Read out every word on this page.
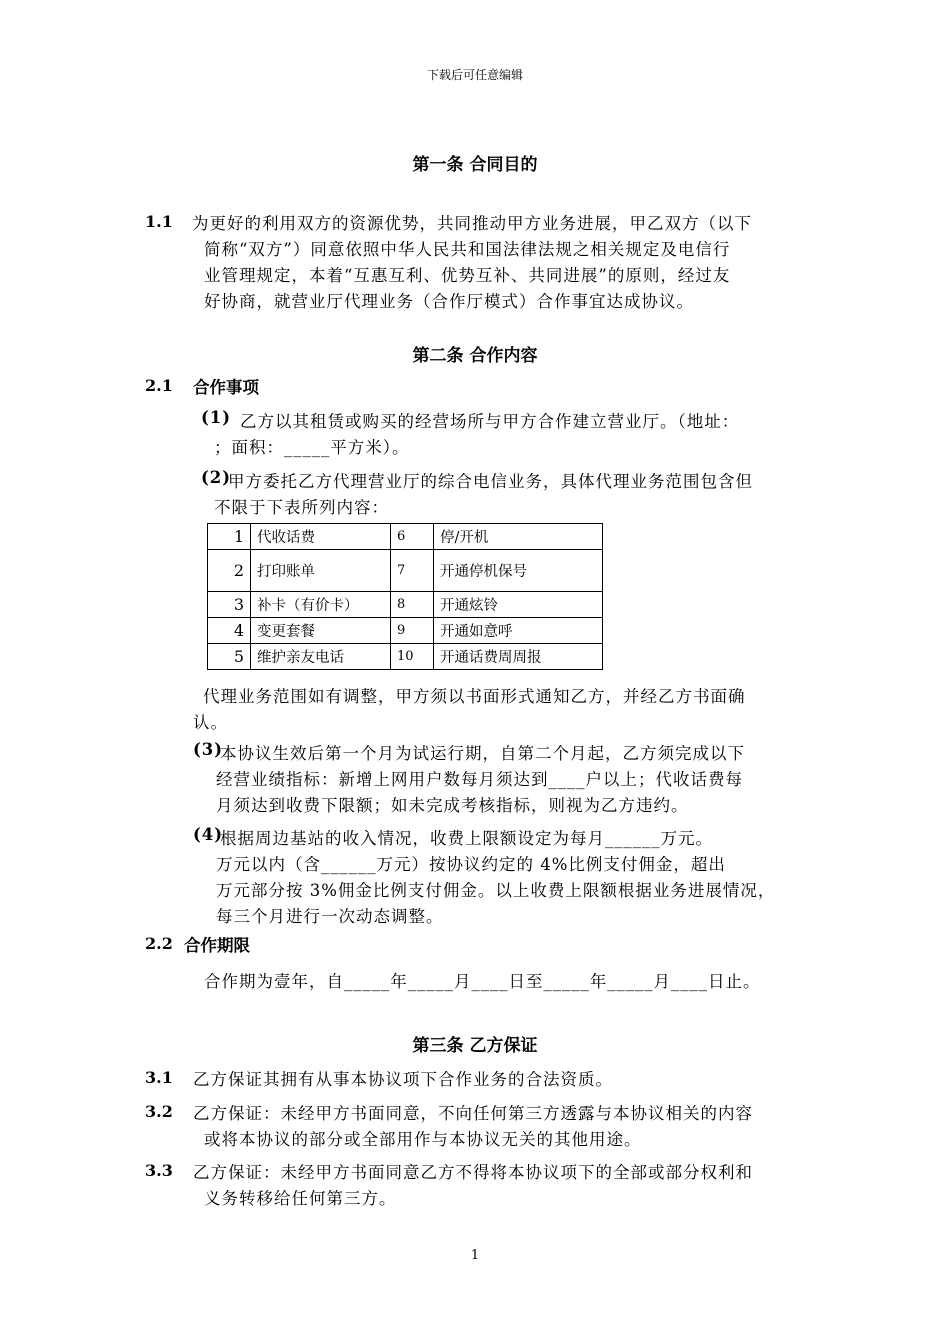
下载后可任意编辑
第一条 合同目的
1.1 为更好的利用双方的资源优势，共同推动甲方业务进展，甲乙双方（以下
简称“双方”）同意依照中华人民共和国法律法规之相关规定及电信行
业管理规定，本着“互惠互利、优势互补、共同进展”的原则，经过友
好协商，就营业厅代理业务（合作厅模式）合作事宜达成协议。
第二条 合作内容
2.1 合作事项
(1) 乙方以其租赁或购买的经营场所与甲方合作建立营业厅。（地址：
；面积：_____平方米）。
(2)
甲方委托乙方代理营业厅的综合电信业务，具体代理业务范围包含但
不限于下表所列内容：
1	代收话费	6	停/开机
2	打印账单	7	开通停机保号
3	补卡（有价卡）	8	开通炫铃
4	变更套餐	9	开通如意呼
5	维护亲友电话	10	开通话费周周报
代理业务范围如有调整，甲方须以书面形式通知乙方，并经乙方书面确
认。
(3)
本协议生效后第一个月为试运行期，自第二个月起，乙方须完成以下
经营业绩指标：新增上网用户数每月须达到____户以上；代收话费每
月须达到收费下限额；如未完成考核指标，则视为乙方违约。
(4)
根据周边基站的收入情况，收费上限额设定为每月______万元。
万元以内（含______万元）按协议约定的 4%比例支付佣金，超出
万元部分按 3%佣金比例支付佣金。以上收费上限额根据业务进展情况，
每三个月进行一次动态调整。
2.2 合作期限
合作期为壹年，自_____年_____月____日至_____年_____月____日止。
第三条 乙方保证
3.1 乙方保证其拥有从事本协议项下合作业务的合法资质。
3.2 乙方保证：未经甲方书面同意，不向任何第三方透露与本协议相关的内容
或将本协议的部分或全部用作与本协议无关的其他用途。
3.3 乙方保证：未经甲方书面同意乙方不得将本协议项下的全部或部分权利和
义务转移给任何第三方。
1
